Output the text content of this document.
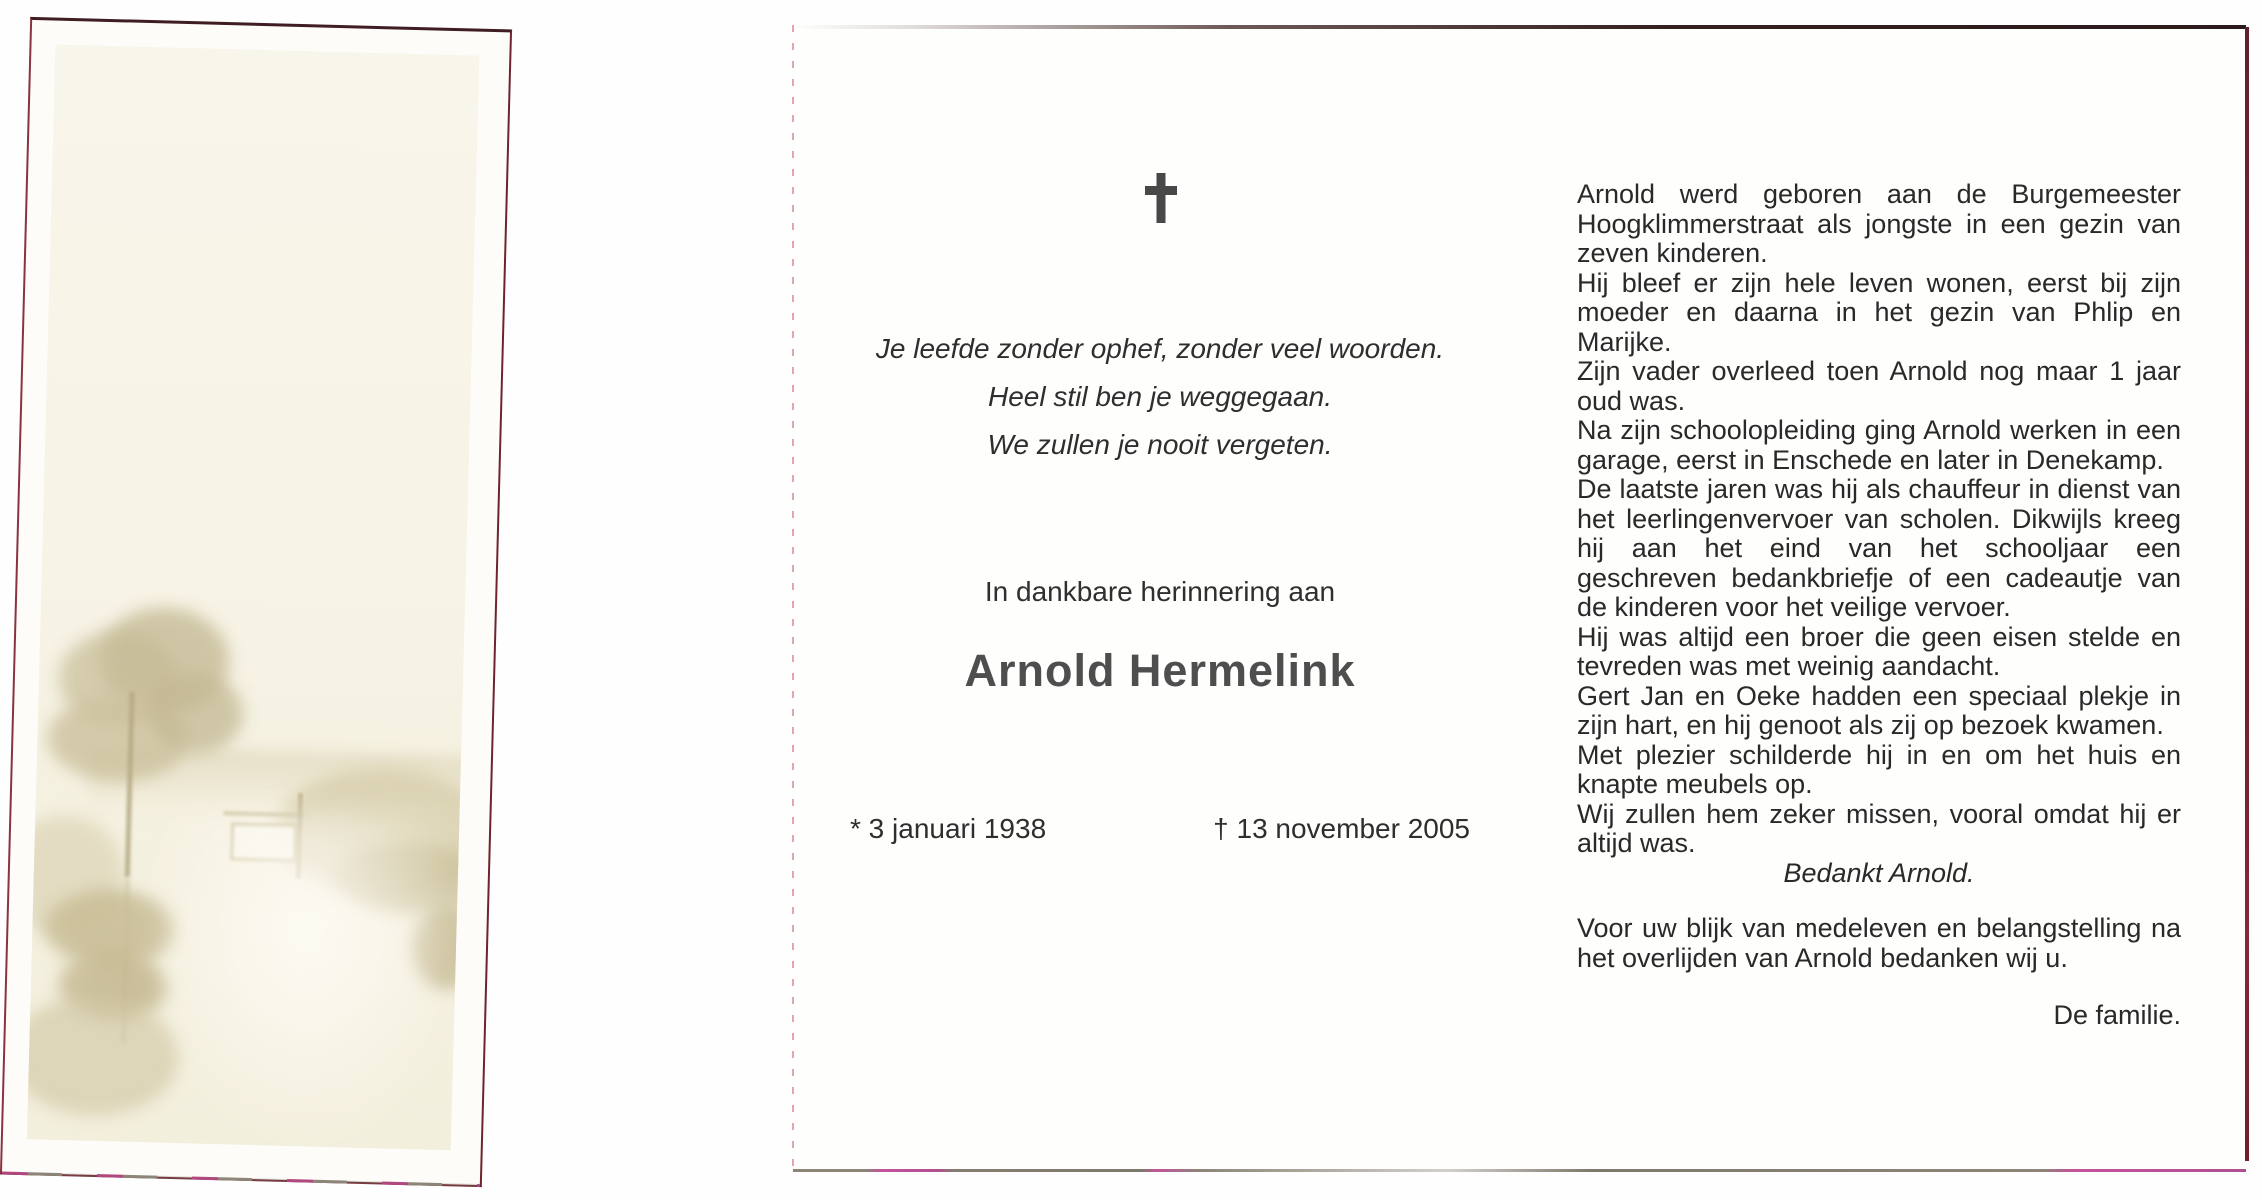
Je leefde zonder ophef, zonder veel woorden.
Heel stil ben je weggegaan.
We zullen je nooit vergeten.
In dankbare herinnering aan
Arnold Hermelink
* 3 januari 1938	† 13 november 2005

Arnold werd geboren aan de Burgemeester Hoogklimmerstraat als jongste in een gezin van zeven kinderen.

Hij bleef er zijn hele leven wonen, eerst bij zijn moeder en daarna in het gezin van Phlip en Marijke.

Zijn vader overleed toen Arnold nog maar 1 jaar oud was.

Na zijn schoolopleiding ging Arnold werken in een garage, eerst in Enschede en later in Denekamp.

De laatste jaren was hij als chauffeur in dienst van het leerlingenvervoer van scholen. Dikwijls kreeg hij aan het eind van het schooljaar een geschreven bedankbriefje of een cadeautje van de kinderen voor het veilige vervoer.

Hij was altijd een broer die geen eisen stelde en tevreden was met weinig aandacht.

Gert Jan en Oeke hadden een speciaal plekje in zijn hart, en hij genoot als zij op bezoek kwamen.

Met plezier schilderde hij in en om het huis en knapte meubels op.

Wij zullen hem zeker missen, vooral omdat hij er altijd was.

Bedankt Arnold.

Voor uw blijk van medeleven en belangstelling na het overlijden van Arnold bedanken wij u.

De familie.
